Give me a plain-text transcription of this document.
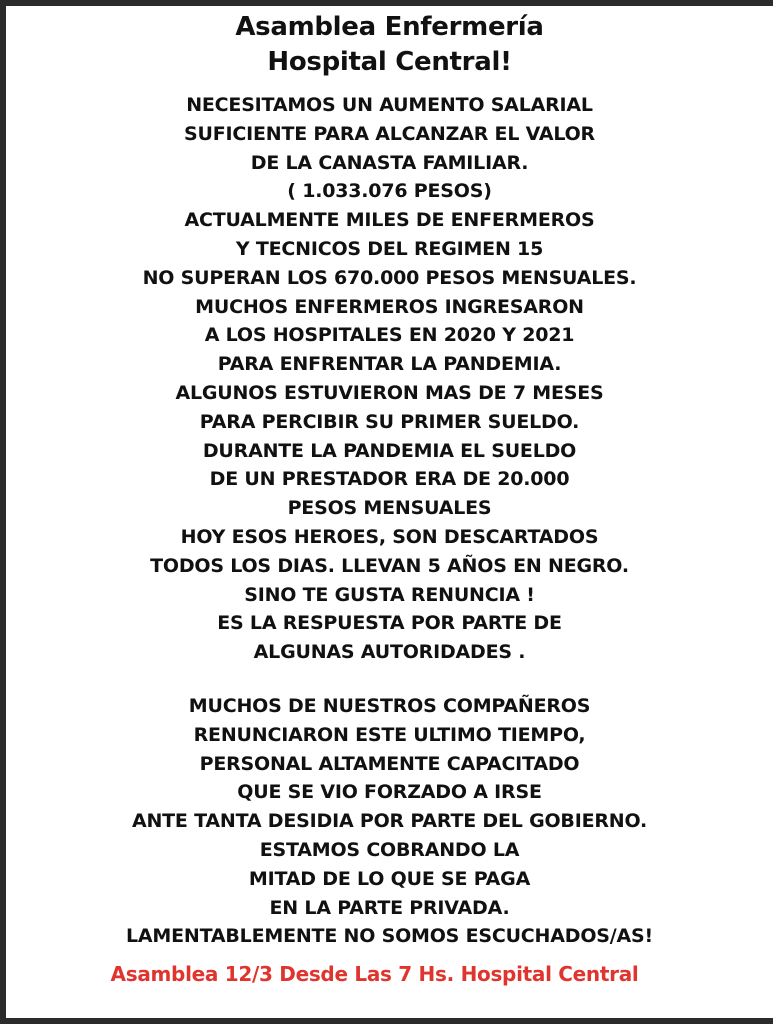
Asamblea Enfermería
Hospital Central!
NECESITAMOS UN AUMENTO SALARIAL
SUFICIENTE PARA ALCANZAR EL VALOR
DE LA CANASTA FAMILIAR.
( 1.033.076 PESOS)
ACTUALMENTE MILES DE ENFERMEROS
Y TECNICOS DEL REGIMEN 15
NO SUPERAN LOS 670.000 PESOS MENSUALES.
MUCHOS ENFERMEROS INGRESARON
A LOS HOSPITALES EN 2020 Y 2021
PARA ENFRENTAR LA PANDEMIA.
ALGUNOS ESTUVIERON MAS DE 7 MESES
PARA PERCIBIR SU PRIMER SUELDO.
DURANTE LA PANDEMIA EL SUELDO
DE UN PRESTADOR ERA DE 20.000
PESOS MENSUALES
HOY ESOS HEROES, SON DESCARTADOS
TODOS LOS DIAS. LLEVAN 5 AÑOS EN NEGRO.
SINO TE GUSTA RENUNCIA !
ES LA RESPUESTA POR PARTE DE
ALGUNAS AUTORIDADES .
MUCHOS DE NUESTROS COMPAÑEROS
RENUNCIARON ESTE ULTIMO TIEMPO,
PERSONAL ALTAMENTE CAPACITADO
QUE SE VIO FORZADO A IRSE
ANTE TANTA DESIDIA POR PARTE DEL GOBIERNO.
ESTAMOS COBRANDO LA
MITAD DE LO QUE SE PAGA
EN LA PARTE PRIVADA.
LAMENTABLEMENTE NO SOMOS ESCUCHADOS/AS!
Asamblea 12/3 Desde Las 7 Hs. Hospital Central
